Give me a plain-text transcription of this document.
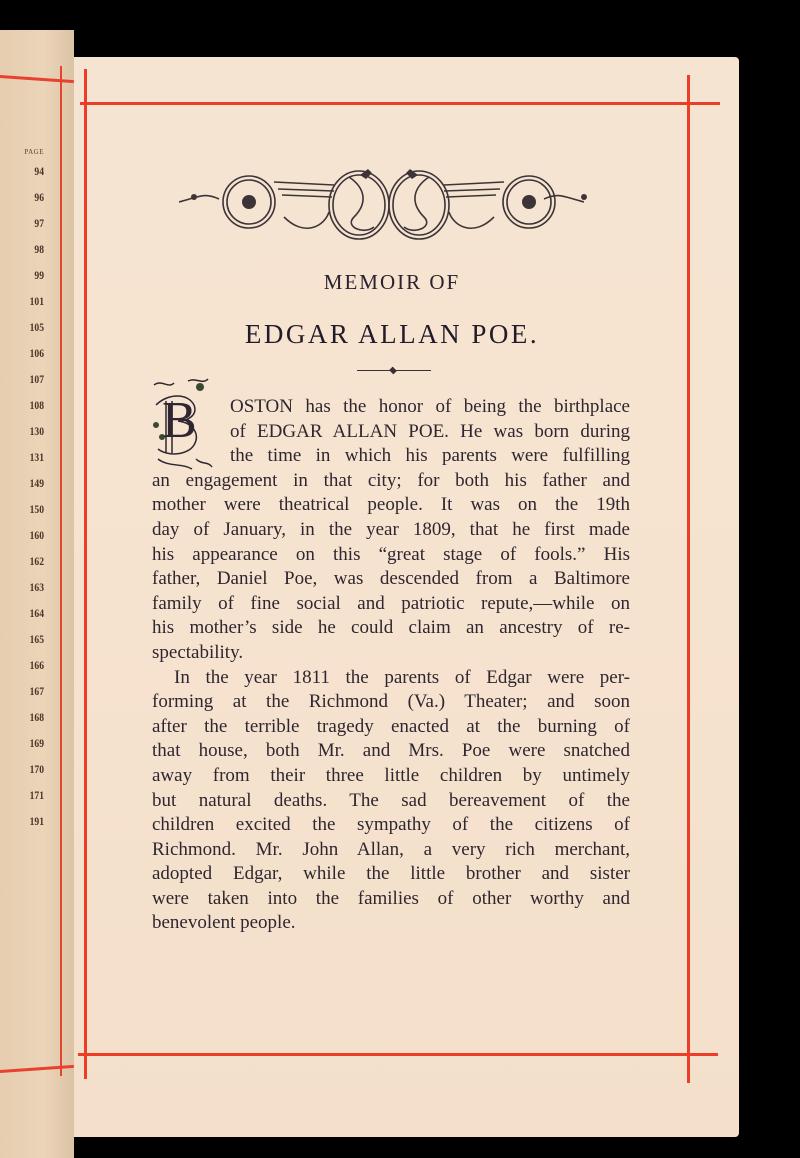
PAGE
94
96
97
98
99
101
105
106
107
108
130
131
149
150
160
162
163
164
165
166
167
168
169
170
171
191
MEMOIR OF
EDGAR ALLAN POE.
B	OSTON has the honor of being the birthplace
of EDGAR ALLAN POE. He was born during
the time in which his parents were fulfilling
an engagement in that city; for both his father and
mother were theatrical people. It was on the 19th
day of January, in the year 1809, that he first made
his appearance on this “great stage of fools.” His
father, Daniel Poe, was descended from a Baltimore
family of fine social and patriotic repute,—while on
his mother’s side he could claim an ancestry of re-
spectability.
In the year 1811 the parents of Edgar were per-
forming at the Richmond (Va.) Theater; and soon
after the terrible tragedy enacted at the burning of
that house, both Mr. and Mrs. Poe were snatched
away from their three little children by untimely
but natural deaths. The sad bereavement of the
children excited the sympathy of the citizens of
Richmond. Mr. John Allan, a very rich merchant,
adopted Edgar, while the little brother and sister
were taken into the families of other worthy and
benevolent people.
